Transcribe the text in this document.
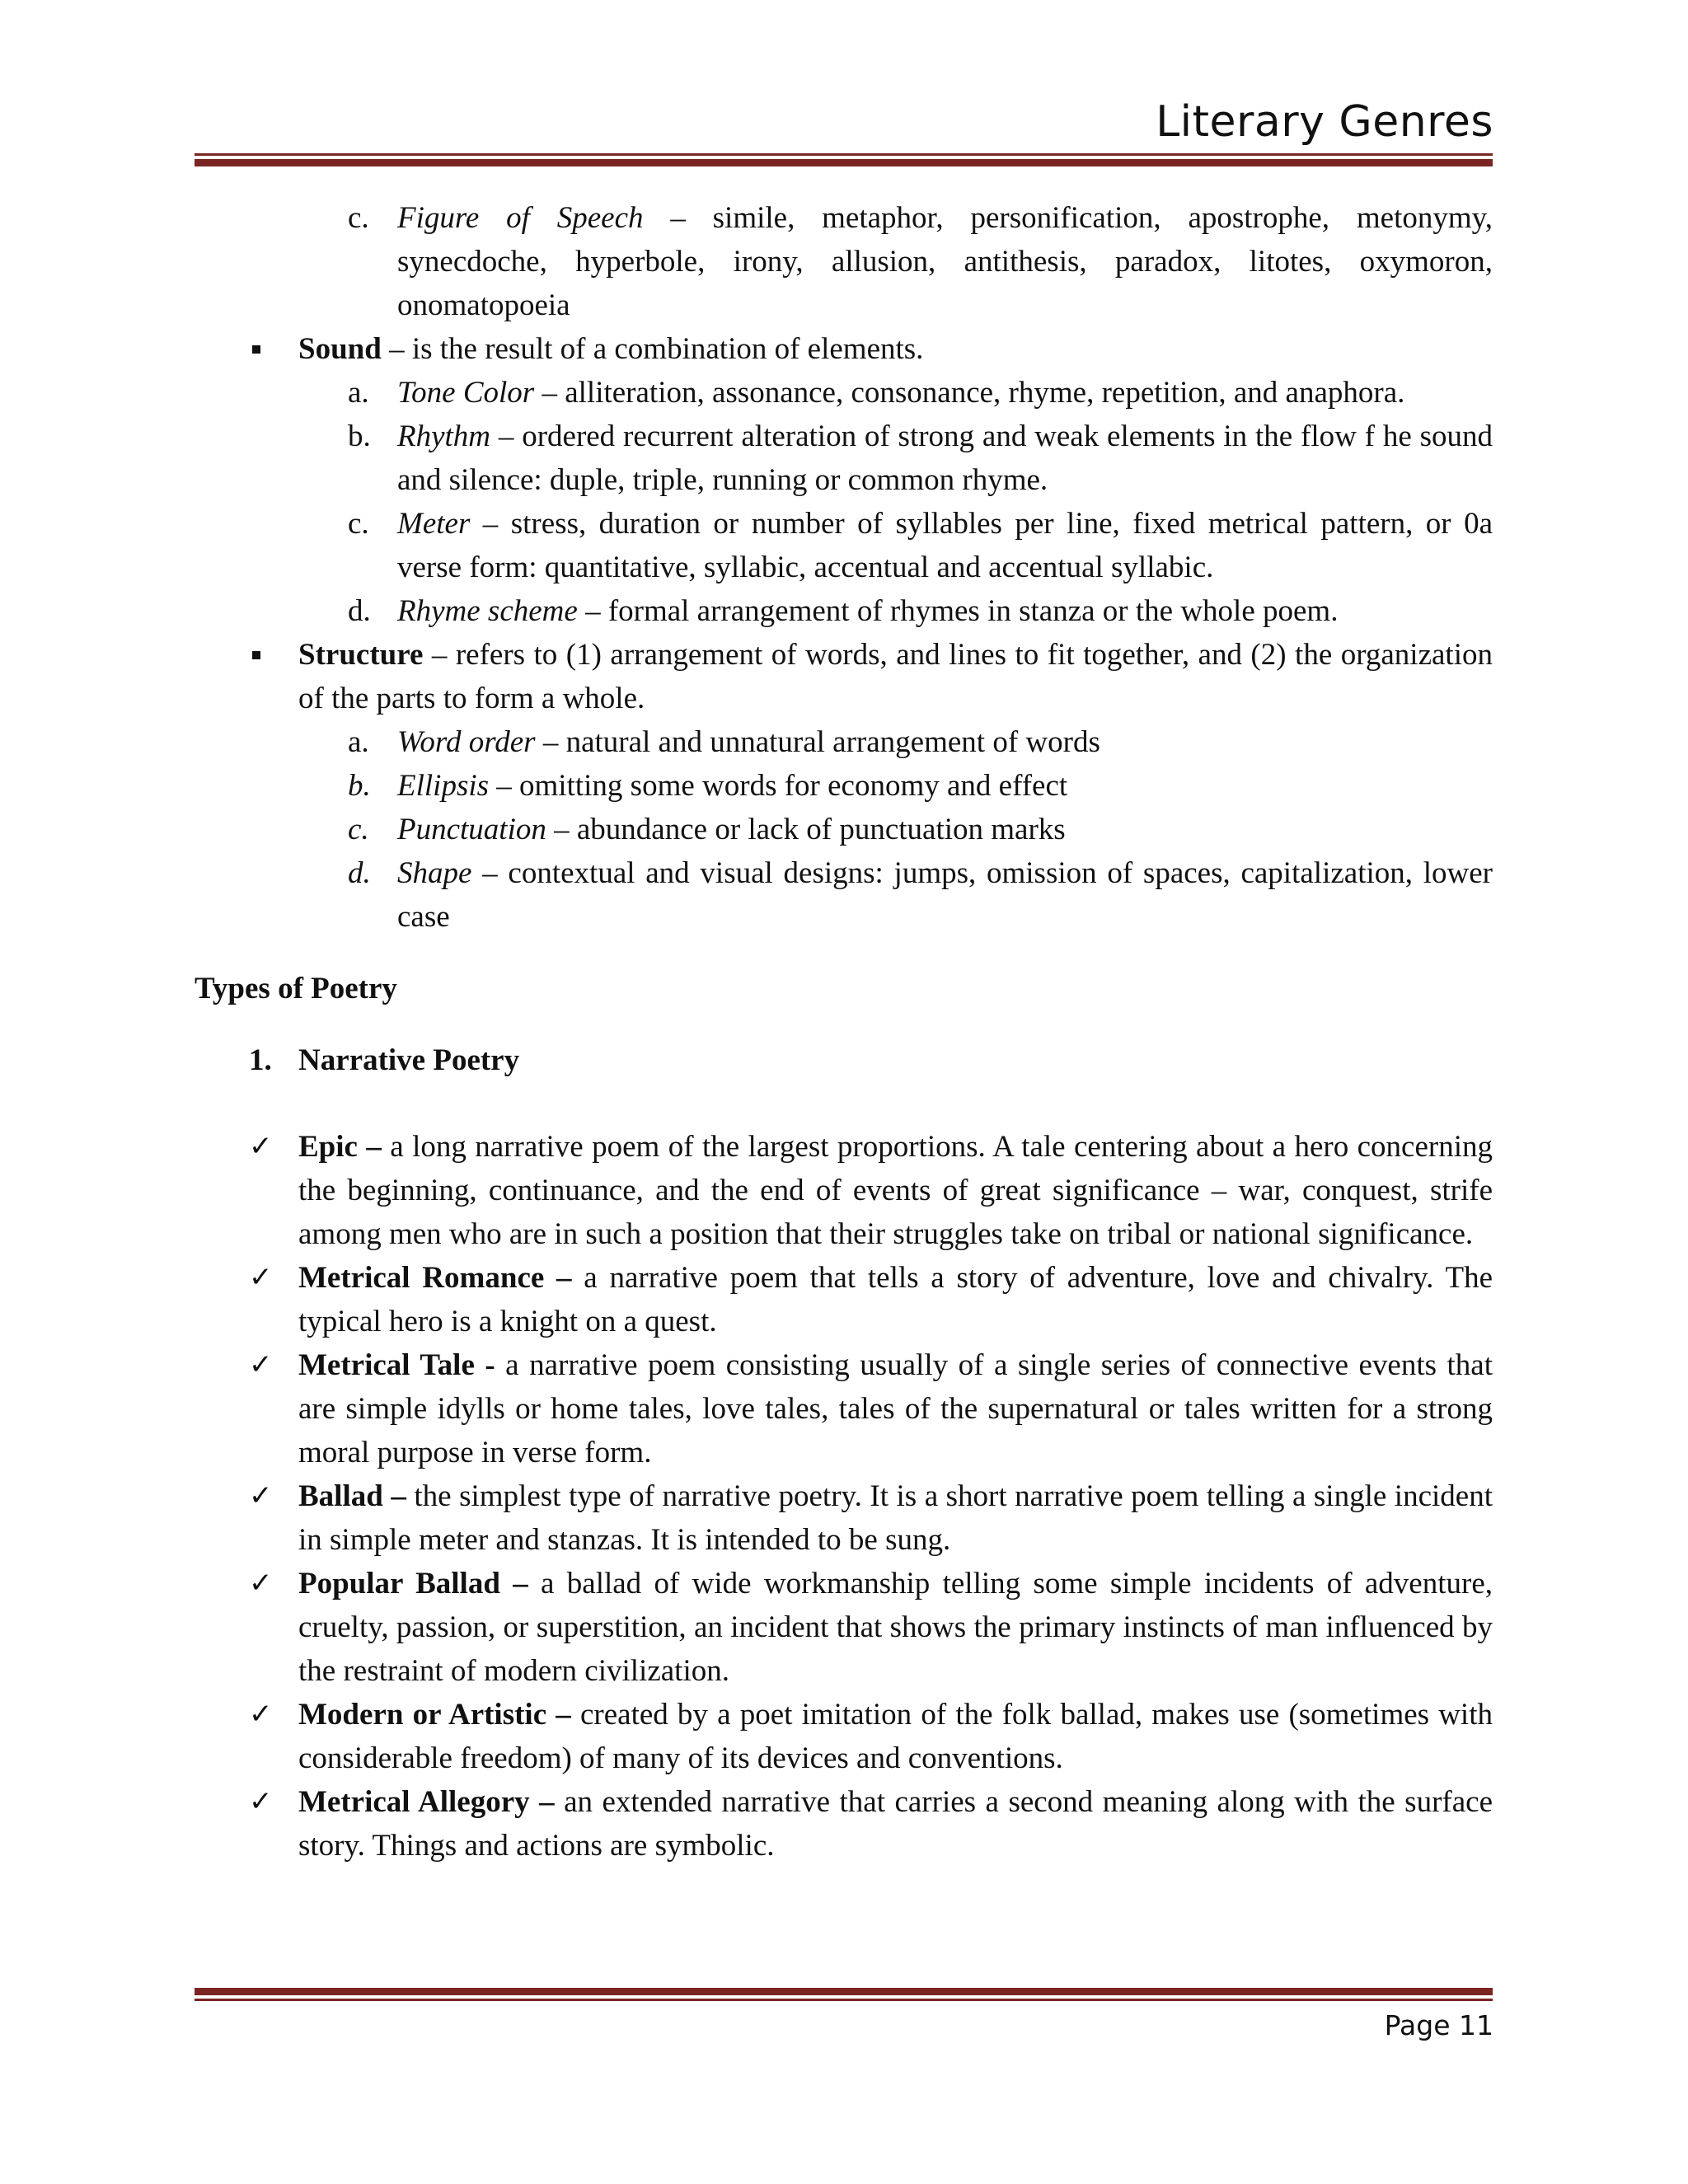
Literary Genres
c. Figure of Speech – simile, metaphor, personification, apostrophe, metonymy, synecdoche, hyperbole, irony, allusion, antithesis, paradox, litotes, oxymoron, onomatopoeia
Sound – is the result of a combination of elements.
a. Tone Color – alliteration, assonance, consonance, rhyme, repetition, and anaphora.
b. Rhythm – ordered recurrent alteration of strong and weak elements in the flow f he sound and silence: duple, triple, running or common rhyme.
c. Meter – stress, duration or number of syllables per line, fixed metrical pattern, or 0a verse form: quantitative, syllabic, accentual and accentual syllabic.
d. Rhyme scheme – formal arrangement of rhymes in stanza or the whole poem.
Structure – refers to (1) arrangement of words, and lines to fit together, and (2) the organization of the parts to form a whole.
a. Word order – natural and unnatural arrangement of words
b. Ellipsis – omitting some words for economy and effect
c. Punctuation – abundance or lack of punctuation marks
d. Shape – contextual and visual designs: jumps, omission of spaces, capitalization, lower case
Types of Poetry
1. Narrative Poetry
✓ Epic – a long narrative poem of the largest proportions. A tale centering about a hero concerning the beginning, continuance, and the end of events of great significance – war, conquest, strife among men who are in such a position that their struggles take on tribal or national significance.
✓ Metrical Romance – a narrative poem that tells a story of adventure, love and chivalry. The typical hero is a knight on a quest.
✓ Metrical Tale - a narrative poem consisting usually of a single series of connective events that are simple idylls or home tales, love tales, tales of the supernatural or tales written for a strong moral purpose in verse form.
✓ Ballad – the simplest type of narrative poetry. It is a short narrative poem telling a single incident in simple meter and stanzas. It is intended to be sung.
✓ Popular Ballad – a ballad of wide workmanship telling some simple incidents of adventure, cruelty, passion, or superstition, an incident that shows the primary instincts of man influenced by the restraint of modern civilization.
✓ Modern or Artistic – created by a poet imitation of the folk ballad, makes use (sometimes with considerable freedom) of many of its devices and conventions.
✓ Metrical Allegory – an extended narrative that carries a second meaning along with the surface story. Things and actions are symbolic.
Page 11
